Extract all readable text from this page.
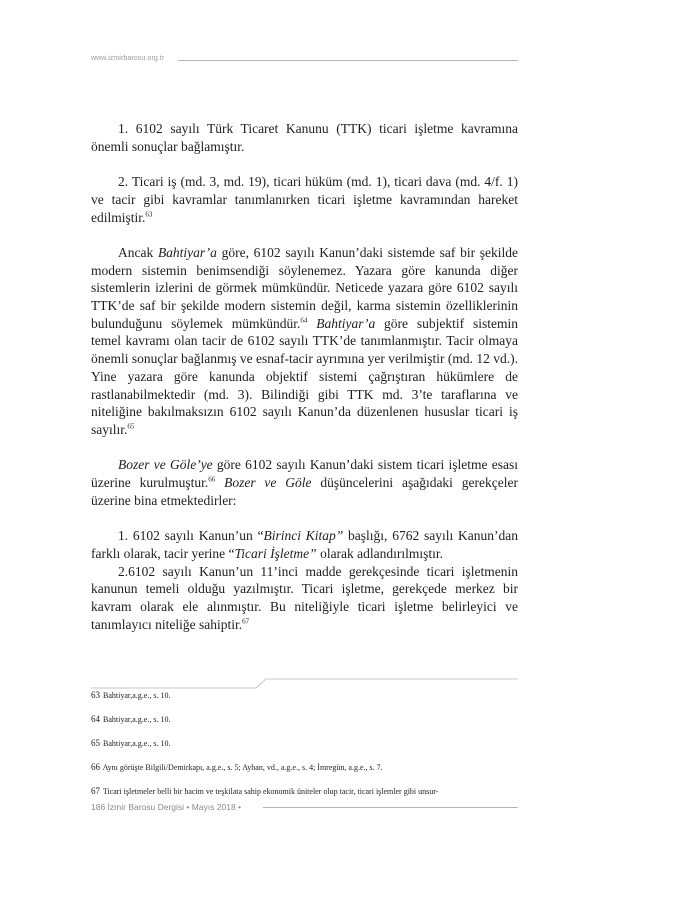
www.izmirbarosu.org.tr

1. 6102 sayılı Türk Ticaret Kanunu (TTK) ticari işletme kavramına önemli sonuçlar bağlamıştır.

2. Ticari iş (md. 3, md. 19), ticari hüküm (md. 1), ticari dava (md. 4/f. 1) ve tacir gibi kavramlar tanımlanırken ticari işletme kavramından hareket edilmiştir.$^{63}$

Ancak Bahtiyar’a göre, 6102 sayılı Kanun’daki sistemde saf bir şekilde modern sistemin benimsendiği söylenemez. Yazara göre kanunda diğer sistemlerin izlerini de görmek mümkündür. Neticede yazara göre 6102 sayılı TTK’de saf bir şekilde modern sistemin değil, karma sistemin özelliklerinin bulunduğunu söylemek mümkündür.$^{64}$ Bahtiyar’a göre subjektif sistemin temel kavramı olan tacir de 6102 sayılı TTK’de tanımlanmıştır. Tacir olmaya önemli sonuçlar bağlanmış ve esnaf-tacir ayrımına yer verilmiştir (md. 12 vd.). Yine yazara göre kanunda objektif sistemi çağrıştıran hükümlere de rastlanabilmektedir (md. 3). Bilindiği gibi TTK md. 3’te taraflarına ve niteliğine bakılmaksızın 6102 sayılı Kanun’da düzenlenen hususlar ticari iş sayılır.$^{65}$

Bozer ve Göle’ye göre 6102 sayılı Kanun’daki sistem ticari işletme esası üzerine kurulmuştur.$^{66}$ Bozer ve Göle düşüncelerini aşağıdaki gerekçeler üzerine bina etmektedirler:

1. 6102 sayılı Kanun’un “Birinci Kitap” başlığı, 6762 sayılı Kanun’dan farklı olarak, tacir yerine “Ticari İşletme” olarak adlandırılmıştır.

2.6102 sayılı Kanun’un 11’inci madde gerekçesinde ticari işletmenin kanunun temeli olduğu yazılmıştır. Ticari işletme, gerekçede merkez bir kavram olarak ele alınmıştır. Bu niteliğiyle ticari işletme belirleyici ve tanımlayıcı niteliğe sahiptir.$^{67}$

63 Bahtiyar,a.g.e., s. 10.

64 Bahtiyar,a.g.e., s. 10.

65 Bahtiyar,a.g.e., s. 10.

66 Aynı görüşte Bilgili/Demirkapı, a.g.e., s. 5; Ayhan, vd., a.g.e., s. 4; İmregün, a.g.e., s. 7.

67 Ticari işletmeler belli bir hacim ve teşkilata sahip ekonomik üniteler olup tacir, ticari işlemler gibi unsur-

186 İzmir Barosu Dergisi • Mayıs 2018 •
